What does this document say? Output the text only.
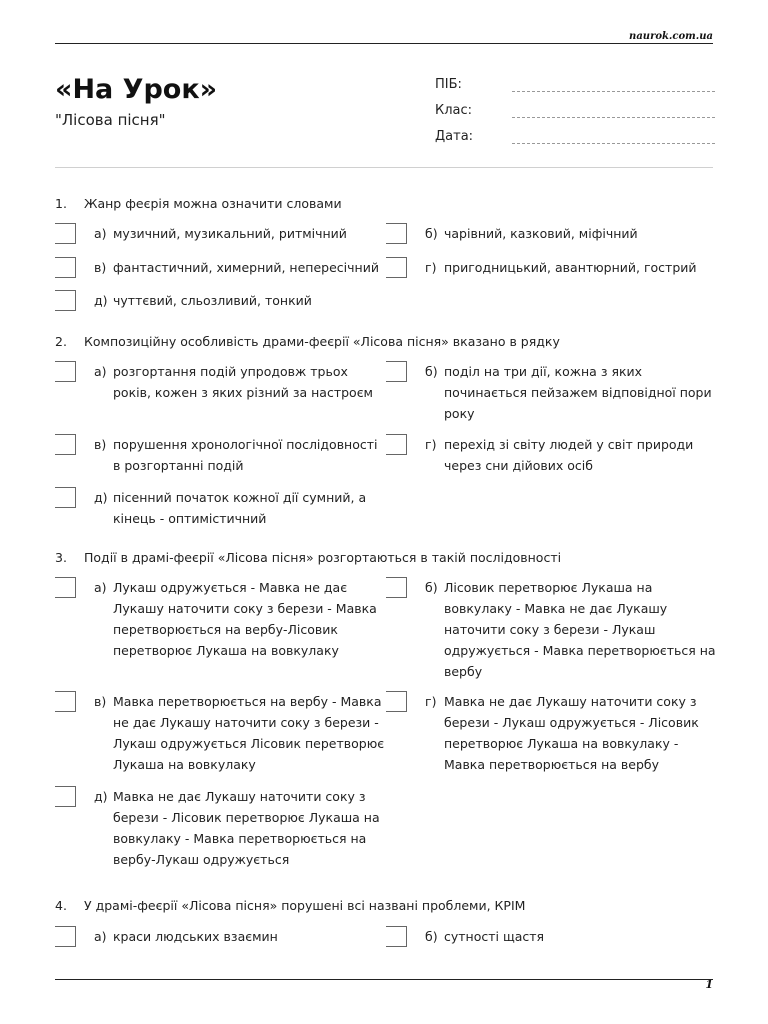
naurok.com.ua
«На Урок»
"Лісова пісня"
ПІБ:
Клас:
Дата:
1.	Жанр феєрія можна означити словами
а) музичний, музикальний, ритмічний	б) чарівний, казковий, міфічний
в) фантастичний, химерний, непересічний	г) пригодницький, авантюрний, гострий
д) чуттєвий, сльозливий, тонкий
2.	Композиційну особливість драми-феєрії «Лісова пісня» вказано в рядку
а) розгортання подій упродовж трьох років, кожен з яких різний за настроєм
б) поділ на три дії, кожна з яких починається пейзажем відповідної пори року
в) порушення хронологічної послідовності в розгортанні подій
г) перехід зі світу людей у світ природи через сни дійових осіб
д) пісенний початок кожної дії сумний, а кінець - оптимістичний
3.	Події в драмі-феєрії «Лісова пісня» розгортаються в такій послідовності
а) Лукаш одружується - Мавка не дає Лукашу наточити соку з берези - Мавка перетворюється на вербу-Лісовик перетворює Лукаша на вовкулаку
б) Лісовик перетворює Лукаша на вовкулаку - Мавка не дає Лукашу наточити соку з берези - Лукаш одружується - Мавка перетворюється на вербу
в) Мавка перетворюється на вербу - Мавка не дає Лукашу наточити соку з берези - Лукаш одружується Лісовик перетворює Лукаша на вовкулаку
г) Мавка не дає Лукашу наточити соку з берези - Лукаш одружується - Лісовик перетворює Лукаша на вовкулаку - Мавка перетворюється на вербу
д) Мавка не дає Лукашу наточити соку з берези - Лісовик перетворює Лукаша на вовкулаку - Мавка перетворюється на вербу-Лукаш одружується
4.	У драмі-феєрії «Лісова пісня» порушені всі названі проблеми, КРІМ
а) краси людських взаємин	б) сутності щастя
1
